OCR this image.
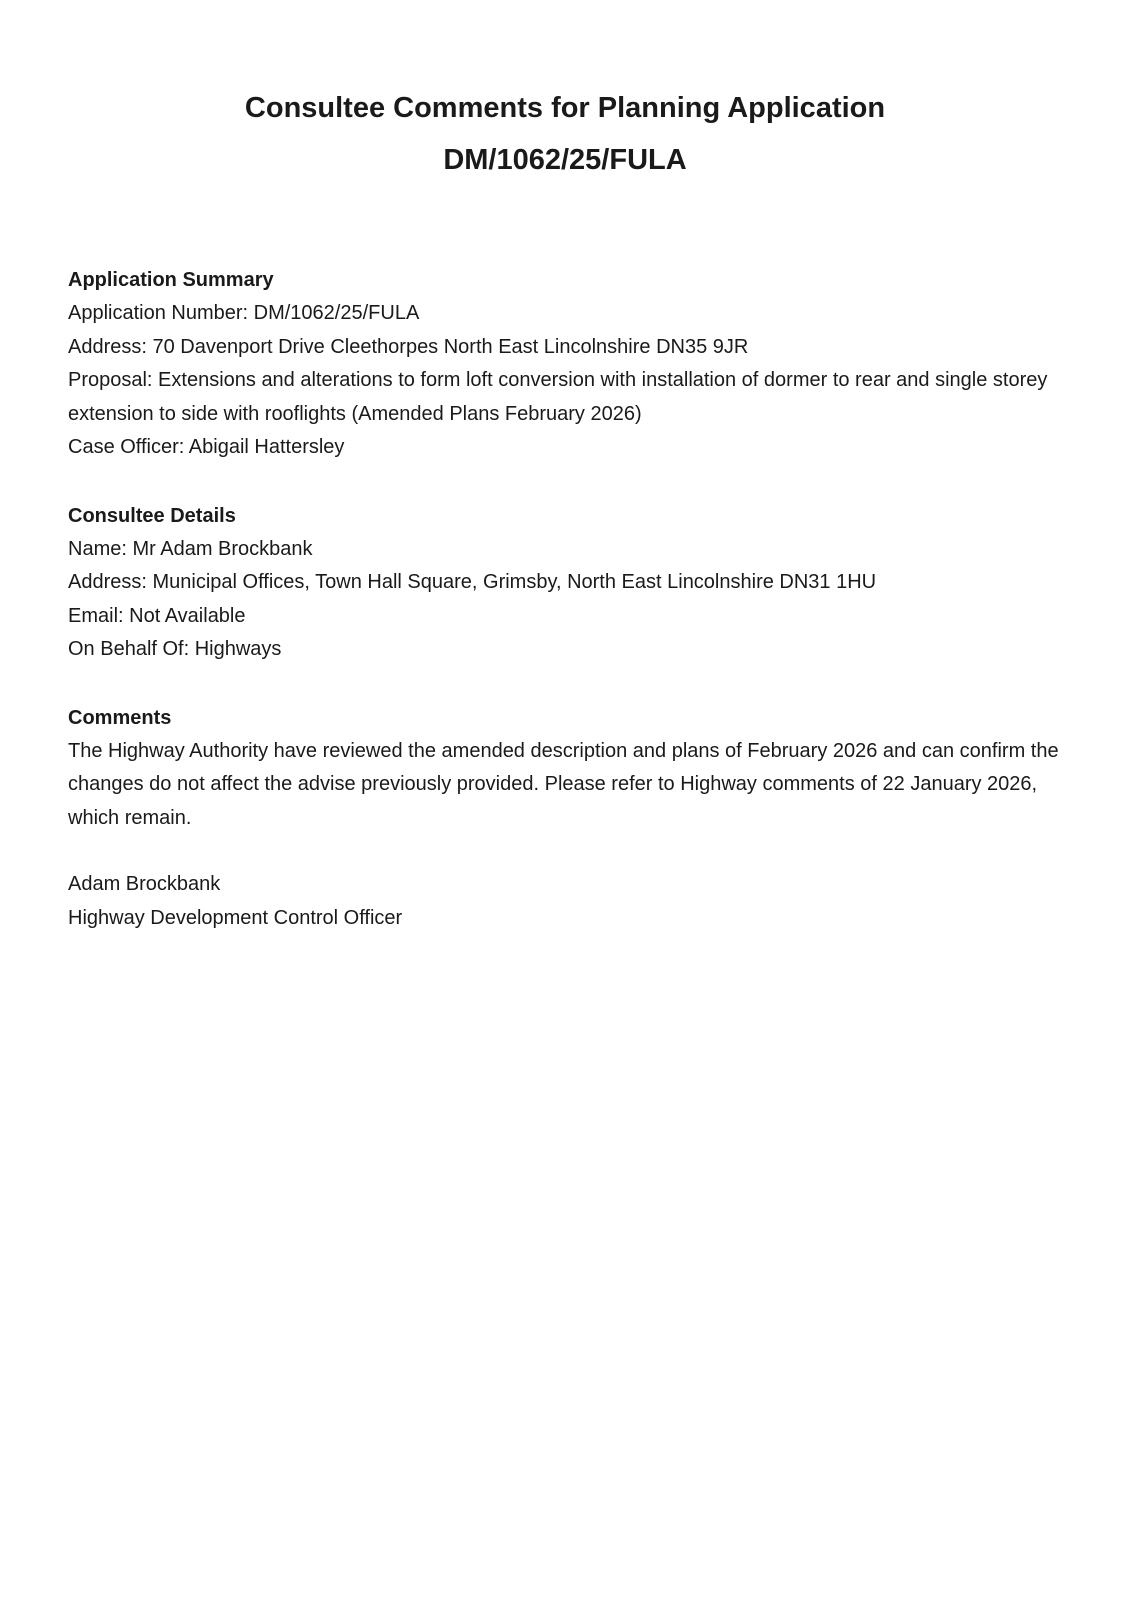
Consultee Comments for Planning Application
DM/1062/25/FULA

Application Summary

Application Number: DM/1062/25/FULA

Address: 70 Davenport Drive Cleethorpes North East Lincolnshire DN35 9JR

Proposal: Extensions and alterations to form loft conversion with installation of dormer to rear and single storey extension to side with rooflights (Amended Plans February 2026)

Case Officer: Abigail Hattersley

Consultee Details

Name: Mr Adam Brockbank

Address: Municipal Offices, Town Hall Square, Grimsby, North East Lincolnshire DN31 1HU

Email: Not Available

On Behalf Of: Highways

Comments

The Highway Authority have reviewed the amended description and plans of February 2026 and can confirm the changes do not affect the advise previously provided. Please refer to Highway comments of 22 January 2026, which remain.

Adam Brockbank

Highway Development Control Officer
